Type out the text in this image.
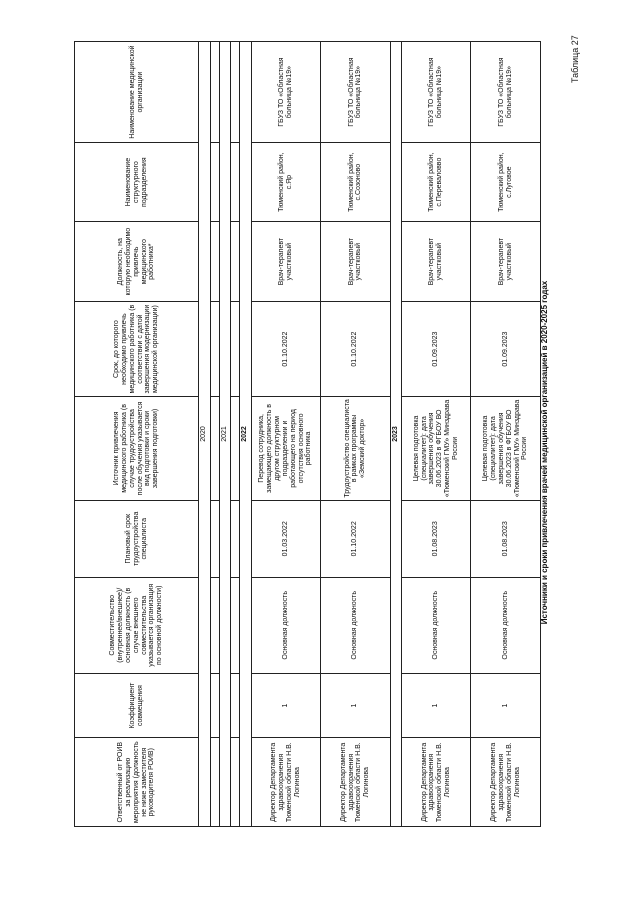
Таблица 27
Источники и сроки привлечения врачей медицинской организацией в 2020-2025 годах
Ответственный от РОИВ за реализацию мероприятия (должность не ниже заместителя руководителя РОИВ)	Коэффициент совмещения	Совместительство (внутреннее/внешнее)/ основная должность (в случае внешнего совместительства указывается организация по основной должности)	Плановый срок трудоустройства специалиста	Источник привлечения медицинского работника (в случае трудоустройства после обучения указывается вид подготовки и сроки завершения подготовки)	Срок, до которого необходимо привлечь медицинского работника (в соответствии с датой завершения модернизации медицинской организации)	Должность, на которую необходимо привлечь медицинского работника*	Наименование структурного подразделения	Наименование медицинской организации
2020								

2021								

2022								
Директор Департамента здравоохранения Тюменской области Н.В. Логинова	1	Основная должность	01.03.2022	Перевод сотрудника, замещающего должность в другом структурном подразделении и работающего на период отсутствия основного работника	01.10.2022	Врач-терапевт участковый	Тюменский район, с.Яр	ГБУЗ ТО «Областная больница №19»
Директор Департамента здравоохранения Тюменской области Н.В. Логинова	1	Основная должность	01.10.2022	Трудоустройство специалиста в рамках программы «Земский доктор»	01.10.2022	Врач-терапевт участковый	Тюменский район, с.Созоново	ГБУЗ ТО «Областная больница №19»
2023								
Директор Департамента здравоохранения Тюменской области Н.В. Логинова	1	Основная должность	01.08.2023	Целевая подготовка (специалитет): дата завершения обучения 30.06.2023 в ФГБОУ ВО «Тюменский ГМУ» Минздрава России	01.09.2023	Врач-терапевт участковый	Тюменский район, с.Переваловво	ГБУЗ ТО «Областная больница №19»
Директор Департамента здравоохранения Тюменской области Н.В. Логинова	1	Основная должность	01.08.2023	Целевая подготовка (специалитет): дата завершения обучения 30.06.2023 в ФГБОУ ВО «Тюменский ГМУ» Минздрава России	01.09.2023	Врач-терапевт участковый	Тюменский район, с.Луговое	ГБУЗ ТО «Областная больница №19»
